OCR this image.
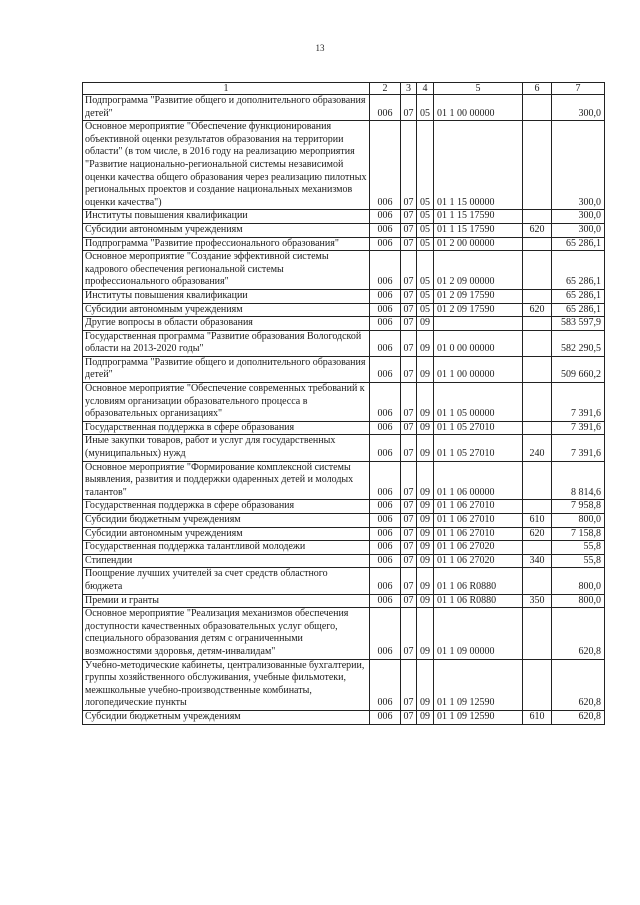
13
1	2	3	4	5	6	7
Подпрограмма "Развитие общего и дополнительного образования детей"	006	07	05	01 1 00 00000		300,0
Основное мероприятие "Обеспечение функционирования объективной оценки результатов образования на территории области" (в том числе, в 2016 году на реализацию мероприятия "Развитие национально-региональной системы независимой оценки качества общего образования через реализацию пилотных региональных проектов и создание национальных механизмов оценки качества")	006	07	05	01 1 15 00000		300,0
Институты повышения квалификации	006	07	05	01 1 15 17590		300,0
Субсидии автономным учреждениям	006	07	05	01 1 15 17590	620	300,0
Подпрограмма "Развитие профессионального образования"	006	07	05	01 2 00 00000		65 286,1
Основное мероприятие "Создание эффективной системы кадрового обеспечения региональной системы профессионального образования"	006	07	05	01 2 09 00000		65 286,1
Институты повышения квалификации	006	07	05	01 2 09 17590		65 286,1
Субсидии автономным учреждениям	006	07	05	01 2 09 17590	620	65 286,1
Другие вопросы в области образования	006	07	09			583 597,9
Государственная программа "Развитие образования Вологодской области на 2013-2020 годы"	006	07	09	01 0 00 00000		582 290,5
Подпрограмма "Развитие общего и дополнительного образования детей"	006	07	09	01 1 00 00000		509 660,2
Основное мероприятие "Обеспечение современных требований к условиям организации образовательного процесса в образовательных организациях"	006	07	09	01 1 05 00000		7 391,6
Государственная поддержка в сфере образования	006	07	09	01 1 05 27010		7 391,6
Иные закупки товаров, работ и услуг для государственных (муниципальных) нужд	006	07	09	01 1 05 27010	240	7 391,6
Основное мероприятие "Формирование комплексной системы выявления, развития и поддержки одаренных детей и молодых талантов"	006	07	09	01 1 06 00000		8 814,6
Государственная поддержка в сфере образования	006	07	09	01 1 06 27010		7 958,8
Субсидии бюджетным учреждениям	006	07	09	01 1 06 27010	610	800,0
Субсидии автономным учреждениям	006	07	09	01 1 06 27010	620	7 158,8
Государственная поддержка талантливой молодежи	006	07	09	01 1 06 27020		55,8
Стипендии	006	07	09	01 1 06 27020	340	55,8
Поощрение лучших учителей за счет средств областного бюджета	006	07	09	01 1 06 R0880		800,0
Премии и гранты	006	07	09	01 1 06 R0880	350	800,0
Основное мероприятие "Реализация механизмов обеспечения доступности качественных образовательных услуг общего, специального образования детям с ограниченными возможностями здоровья, детям-инвалидам"	006	07	09	01 1 09 00000		620,8
Учебно-методические кабинеты, централизованные бухгалтерии, группы хозяйственного обслуживания, учебные фильмотеки, межшкольные учебно-производственные комбинаты, логопедические пункты	006	07	09	01 1 09 12590		620,8
Субсидии бюджетным учреждениям	006	07	09	01 1 09 12590	610	620,8
